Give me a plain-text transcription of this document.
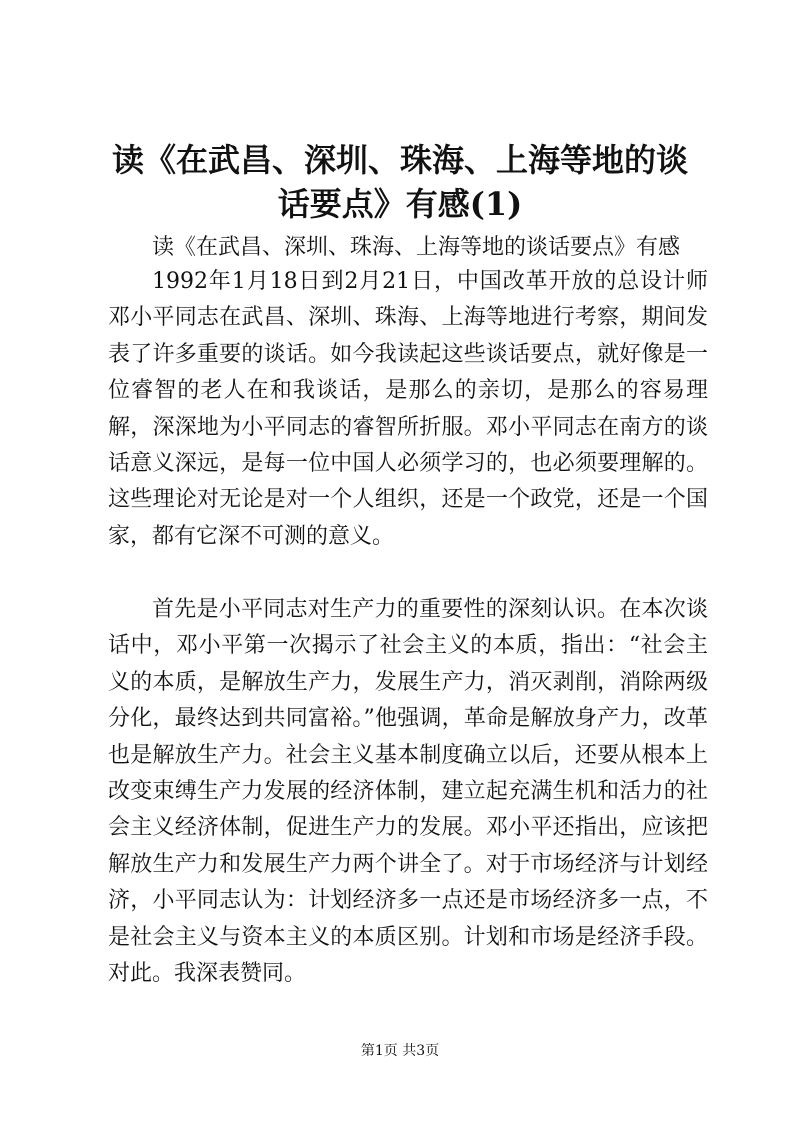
读《在武昌、深圳、珠海、上海等地的谈话要点》有感(1)

读《在武昌、深圳、珠海、上海等地的谈话要点》有感

1992年1月18日到2月21日，中国改革开放的总设计师邓小平同志在武昌、深圳、珠海、上海等地进行考察，期间发表了许多重要的谈话。如今我读起这些谈话要点，就好像是一位睿智的老人在和我谈话，是那么的亲切，是那么的容易理解，深深地为小平同志的睿智所折服。邓小平同志在南方的谈话意义深远，是每一位中国人必须学习的，也必须要理解的。这些理论对无论是对一个人组织，还是一个政党，还是一个国家，都有它深不可测的意义。

首先是小平同志对生产力的重要性的深刻认识。在本次谈话中，邓小平第一次揭示了社会主义的本质，指出：“社会主义的本质，是解放生产力，发展生产力，消灭剥削，消除两级分化，最终达到共同富裕。”他强调，革命是解放身产力，改革也是解放生产力。社会主义基本制度确立以后，还要从根本上改变束缚生产力发展的经济体制，建立起充满生机和活力的社会主义经济体制，促进生产力的发展。邓小平还指出，应该把解放生产力和发展生产力两个讲全了。对于市场经济与计划经济，小平同志认为：计划经济多一点还是市场经济多一点，不是社会主义与资本主义的本质区别。计划和市场是经济手段。对此。我深表赞同。

第1页 共3页
